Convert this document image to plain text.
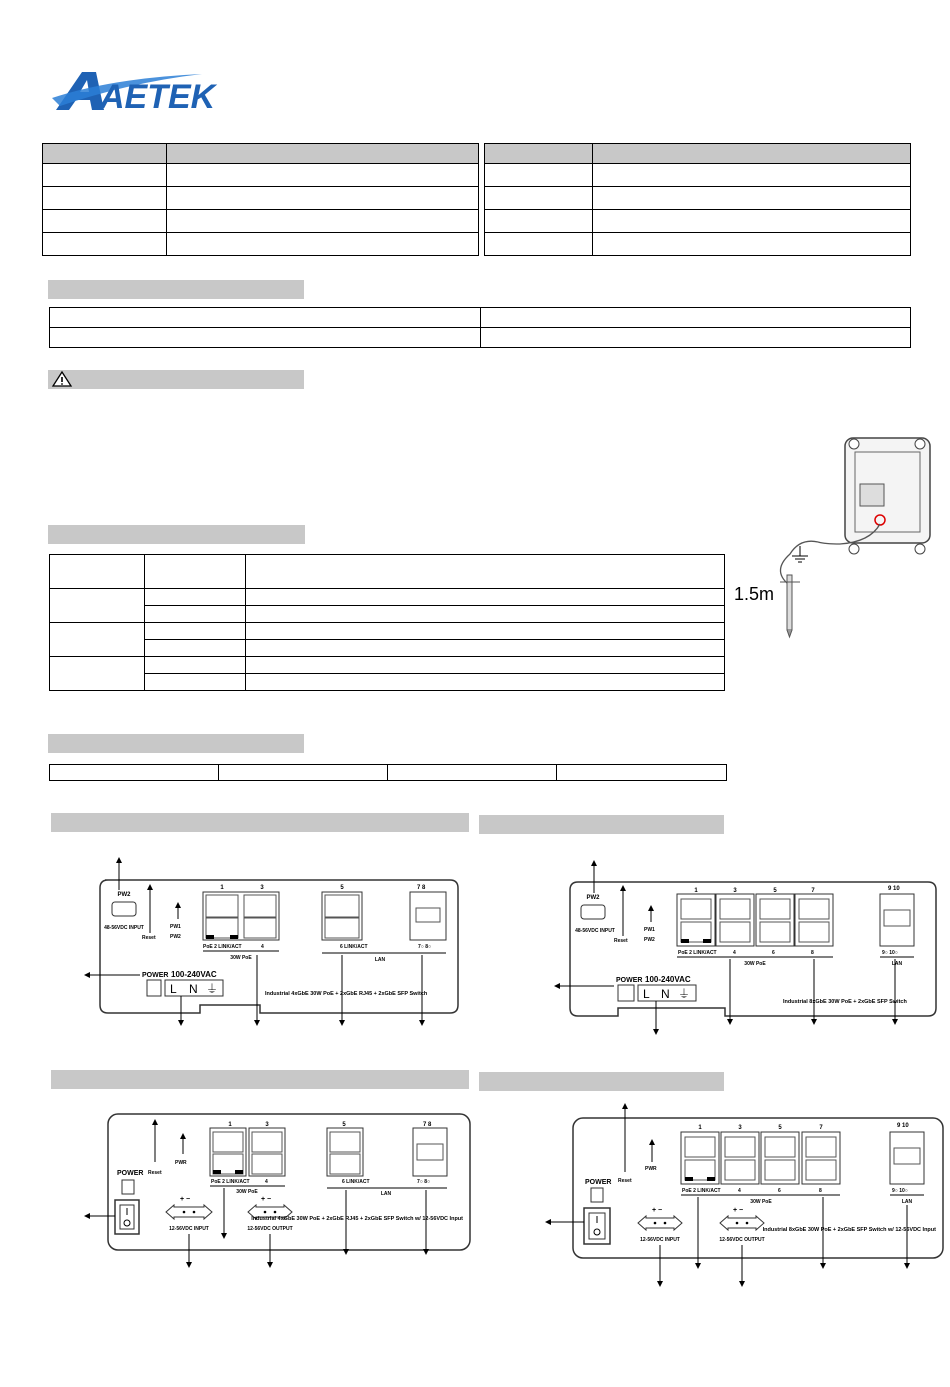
AETEK

1.5m

PW2
48-56VDC INPUT
Reset
PW1
PW2
1	3
PoE 2 LINK/ACT	4
30W PoE
5
6 LINK/ACT
7 8
7○ 8○
LAN
POWER 100-240VAC
L N ⏚	Industrial 4xGbE 30W PoE + 2xGbE RJ45 + 2xGbE SFP Switch
PW2
48-56VDC INPUT
Reset
PW1
PW2
1	3	5	7
PoE 2 LINK/ACT	4	6	8
30W PoE
9 10
9○ 10○
LAN
POWER 100-240VAC
L N ⏚
Industrial 8xGbE 30W PoE + 2xGbE SFP Switch
POWER Reset
PWR
1	3
PoE 2 LINK/ACT	4
30W PoE
5
6 LINK/ACT
7 8
7○ 8○
LAN
+ −
12-56VDC INPUT
+ −
12-56VDC OUTPUT
Industrial 4xGbE 30W PoE + 2xGbE RJ45 + 2xGbE SFP Switch w/ 12-56VDC Input
POWER Reset
PWR
1	3	5	7
PoE 2 LINK/ACT	4	6	8
30W PoE
9 10
9○ 10○
LAN
+ −
12-56VDC INPUT
+ −
12-56VDC OUTPUT
Industrial 8xGbE 30W PoE + 2xGbE SFP Switch w/ 12-56VDC Input
